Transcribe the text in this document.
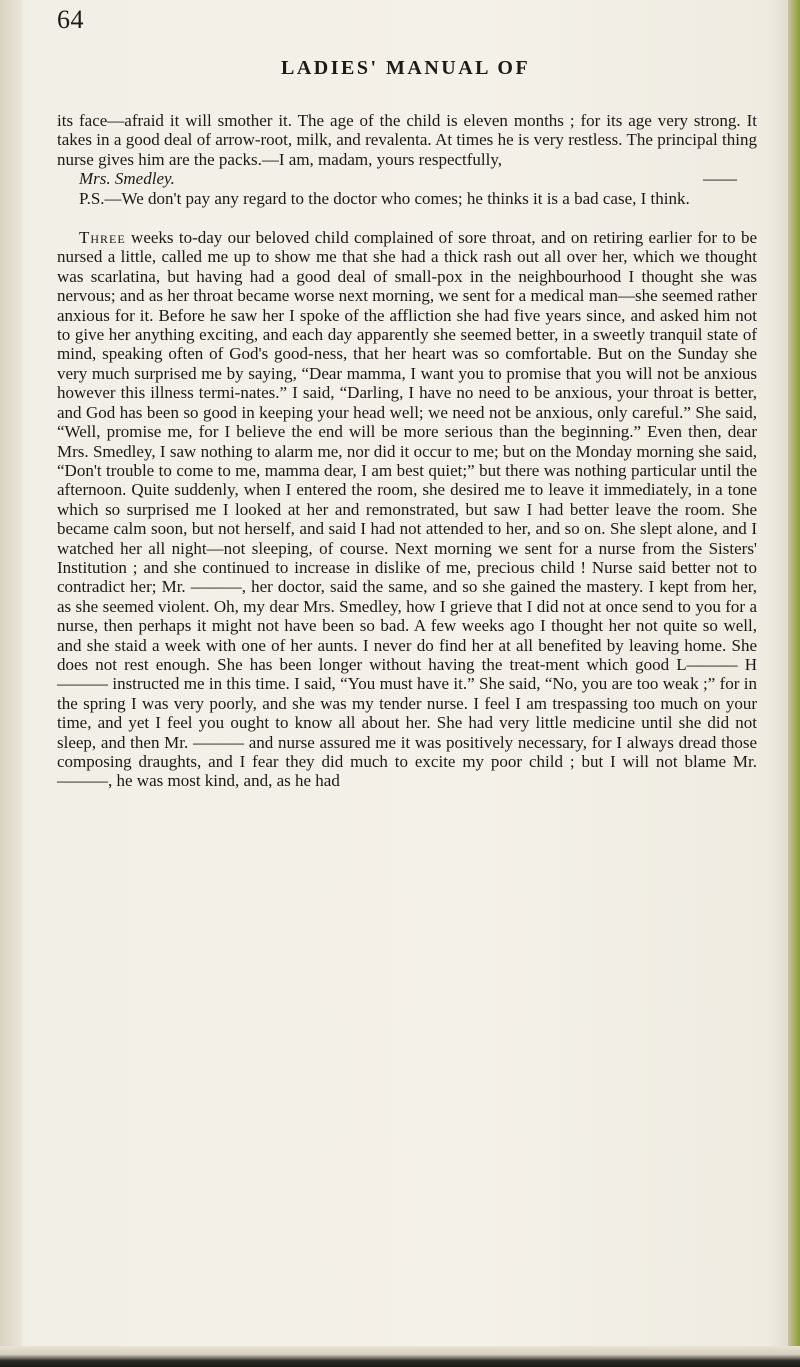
64
LADIES' MANUAL OF

its face—afraid it will smother it. The age of the child is eleven months ; for its age very strong. It takes in a good deal of arrow-root, milk, and revalenta. At times he is very restless. The principal thing nurse gives him are the packs.—I am, madam, yours respectfully,

Mrs. Smedley.	——

P.S.—We don't pay any regard to the doctor who comes; he thinks it is a bad case, I think.

Three weeks to-day our beloved child complained of sore throat, and on retiring earlier for to be nursed a little, called me up to show me that she had a thick rash out all over her, which we thought was scarlatina, but having had a good deal of small-pox in the neighbourhood I thought she was nervous; and as her throat became worse next morning, we sent for a medical man—she seemed rather anxious for it. Before he saw her I spoke of the affliction she had five years since, and asked him not to give her anything exciting, and each day apparently she seemed better, in a sweetly tranquil state of mind, speaking often of God's good-ness, that her heart was so comfortable. But on the Sunday she very much surprised me by saying, “Dear mamma, I want you to promise that you will not be anxious however this illness termi-nates.” I said, “Darling, I have no need to be anxious, your throat is better, and God has been so good in keeping your head well; we need not be anxious, only careful.” She said, “Well, promise me, for I believe the end will be more serious than the beginning.” Even then, dear Mrs. Smedley, I saw nothing to alarm me, nor did it occur to me; but on the Monday morning she said, “Don't trouble to come to me, mamma dear, I am best quiet;” but there was nothing particular until the afternoon. Quite suddenly, when I entered the room, she desired me to leave it immediately, in a tone which so surprised me I looked at her and remonstrated, but saw I had better leave the room. She became calm soon, but not herself, and said I had not attended to her, and so on. She slept alone, and I watched her all night—not sleeping, of course. Next morning we sent for a nurse from the Sisters' Institution ; and she continued to increase in dislike of me, precious child ! Nurse said better not to contradict her; Mr. ———, her doctor, said the same, and so she gained the mastery. I kept from her, as she seemed violent. Oh, my dear Mrs. Smedley, how I grieve that I did not at once send to you for a nurse, then perhaps it might not have been so bad. A few weeks ago I thought her not quite so well, and she staid a week with one of her aunts. I never do find her at all benefited by leaving home. She does not rest enough. She has been longer without having the treat-ment which good L——— H——— instructed me in this time. I said, “You must have it.” She said, “No, you are too weak ;” for in the spring I was very poorly, and she was my tender nurse. I feel I am trespassing too much on your time, and yet I feel you ought to know all about her. She had very little medicine until she did not sleep, and then Mr. ——— and nurse assured me it was positively necessary, for I always dread those composing draughts, and I fear they did much to excite my poor child ; but I will not blame Mr. ———, he was most kind, and, as he had
